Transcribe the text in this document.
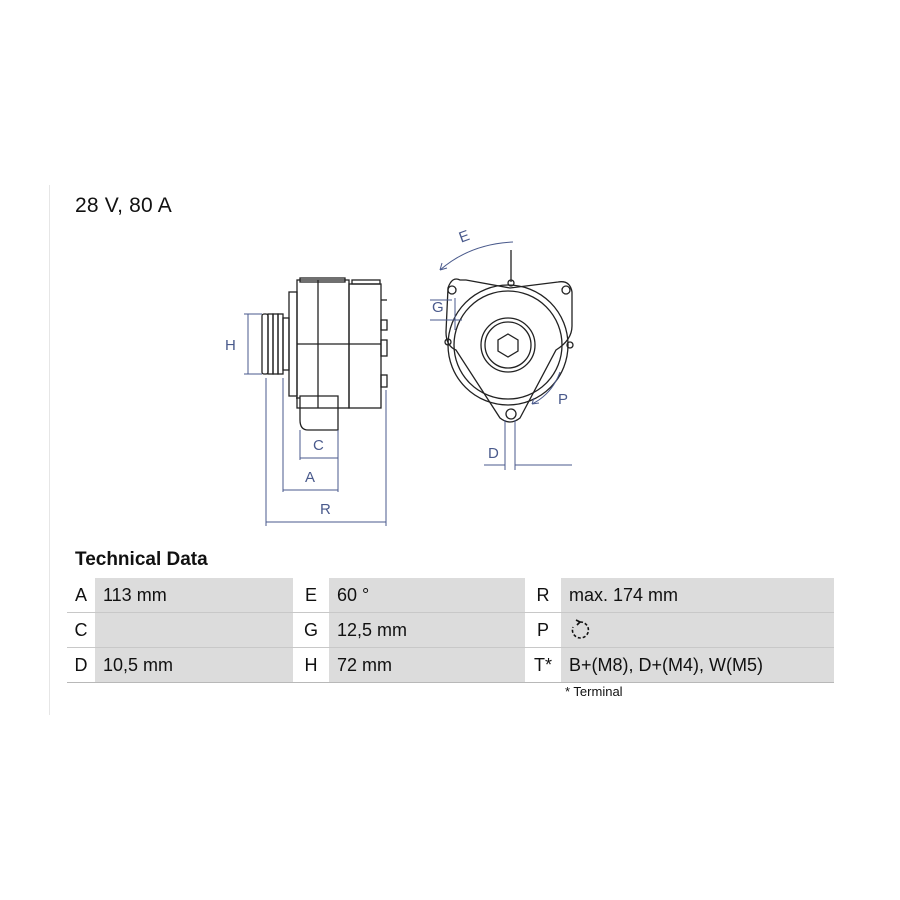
28 V, 80 A
H
C
A
R
E
G
D
P
Technical Data
A	113 mm	E	60 °	R	max. 174 mm
C		G	12,5 mm	P	
D	10,5 mm	H	72 mm	T*	B+(M8), D+(M4), W(M5)
* Terminal
